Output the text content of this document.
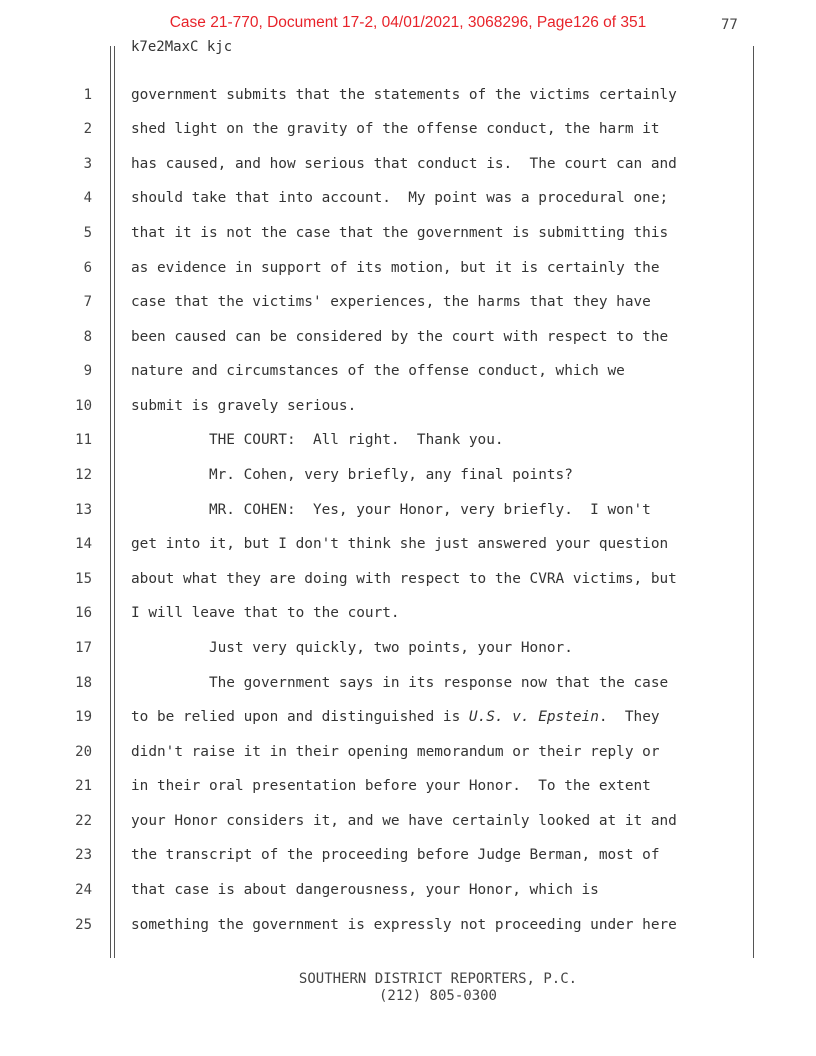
Case 21-770, Document 17-2, 04/01/2021, 3068296, Page126 of 351	77
k7e2MaxC kjc
1	government submits that the statements of the victims certainly
2	shed light on the gravity of the offense conduct, the harm it
3	has caused, and how serious that conduct is.  The court can and
4	should take that into account.  My point was a procedural one;
5	that it is not the case that the government is submitting this
6	as evidence in support of its motion, but it is certainly the
7	case that the victims' experiences, the harms that they have
8	been caused can be considered by the court with respect to the
9	nature and circumstances of the offense conduct, which we
10	submit is gravely serious.
11	THE COURT:  All right.  Thank you.
12	Mr. Cohen, very briefly, any final points?
13	MR. COHEN:  Yes, your Honor, very briefly.  I won't
14	get into it, but I don't think she just answered your question
15	about what they are doing with respect to the CVRA victims, but
16	I will leave that to the court.
17	Just very quickly, two points, your Honor.
18	The government says in its response now that the case
19	to be relied upon and distinguished is U.S. v. Epstein.  They
20	didn't raise it in their opening memorandum or their reply or
21	in their oral presentation before your Honor.  To the extent
22	your Honor considers it, and we have certainly looked at it and
23	the transcript of the proceeding before Judge Berman, most of
24	that case is about dangerousness, your Honor, which is
25	something the government is expressly not proceeding under here
SOUTHERN DISTRICT REPORTERS, P.C.
(212) 805-0300
